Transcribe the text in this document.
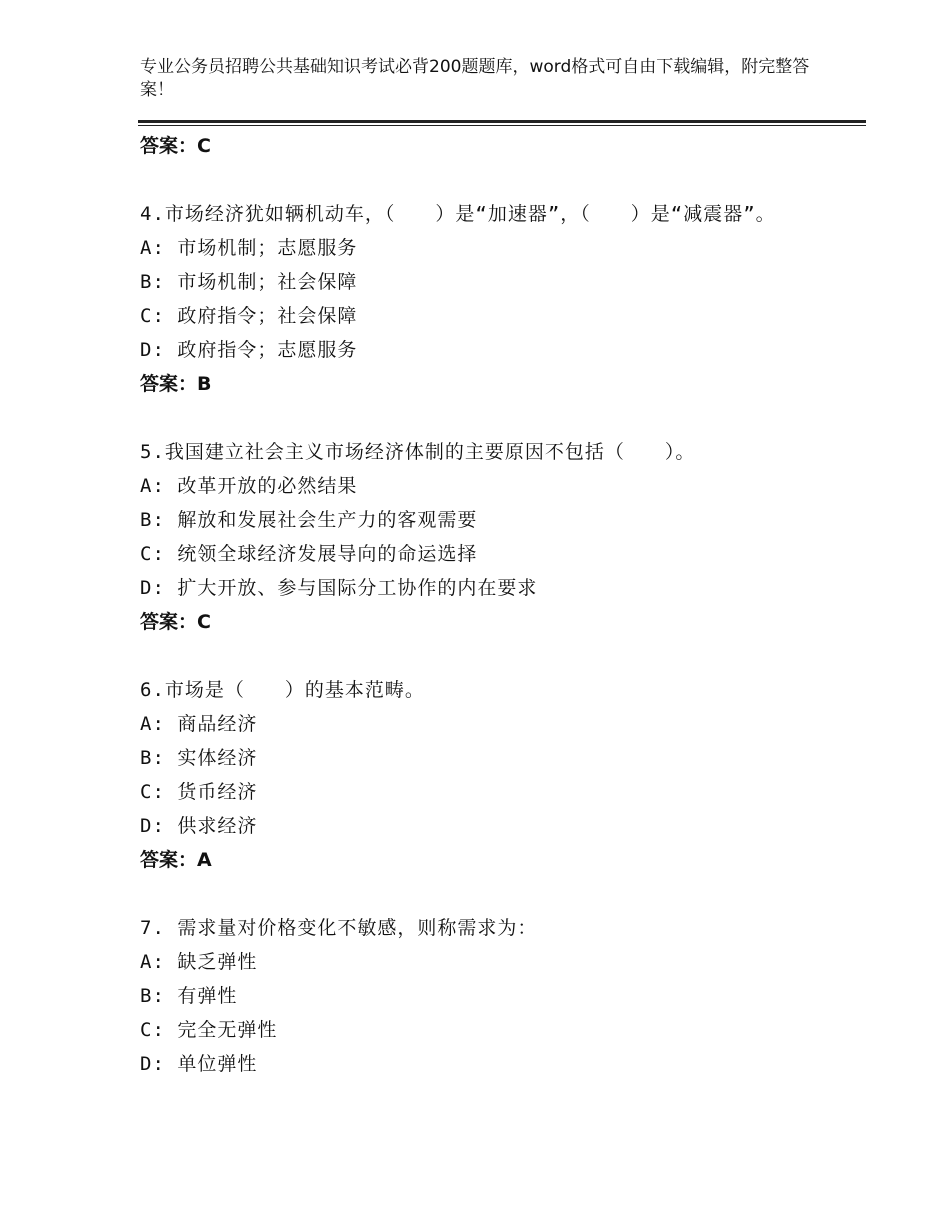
专业公务员招聘公共基础知识考试必背200题题库，word格式可自由下载编辑，附完整答案！
答案：C
4.市场经济犹如辆机动车，（　　）是“加速器”，（　　）是“减震器”。
A: 市场机制；志愿服务
B: 市场机制；社会保障
C: 政府指令；社会保障
D: 政府指令；志愿服务
答案：B
5.我国建立社会主义市场经济体制的主要原因不包括（　　）。
A: 改革开放的必然结果
B: 解放和发展社会生产力的客观需要
C: 统领全球经济发展导向的命运选择
D: 扩大开放、参与国际分工协作的内在要求
答案：C
6.市场是（　　）的基本范畴。
A: 商品经济
B: 实体经济
C: 货币经济
D: 供求经济
答案：A
7. 需求量对价格变化不敏感，则称需求为：
A: 缺乏弹性
B: 有弹性
C: 完全无弹性
D: 单位弹性
